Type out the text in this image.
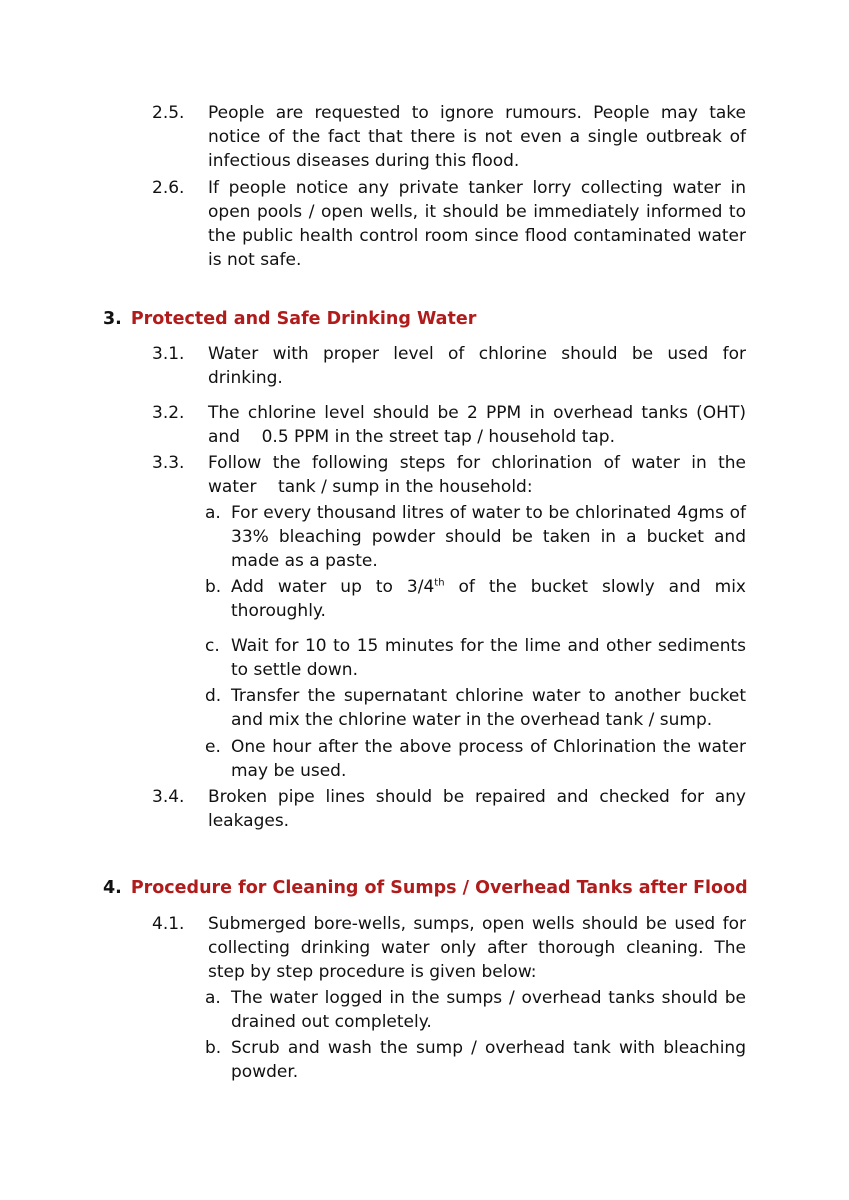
2.5.	People are requested to ignore rumours. People may take notice of the fact that there is not even a single outbreak of infectious diseases during this flood.
2.6.	If people notice any private tanker lorry collecting water in open pools / open wells, it should be immediately informed to the public health control room since flood contaminated water is not safe.
3. Protected and Safe Drinking Water
3.1.	Water with proper level of chlorine should be used for drinking.
3.2.	The chlorine level should be 2 PPM in overhead tanks (OHT) and    0.5 PPM in the street tap / household tap.
3.3.	Follow the following steps for chlorination of water in the water    tank / sump in the household:
a. For every thousand litres of water to be chlorinated 4gms of 33% bleaching powder should be taken in a bucket and made as a paste.
b. Add water up to 3/4th of the bucket slowly and mix thoroughly.
c. Wait for 10 to 15 minutes for the lime and other sediments to settle down.
d. Transfer the supernatant chlorine water to another bucket and mix the chlorine water in the overhead tank / sump.
e. One hour after the above process of Chlorination the water may be used.
3.4.	Broken pipe lines should be repaired and checked for any leakages.
4. Procedure for Cleaning of Sumps / Overhead Tanks after Flood
4.1.	Submerged bore-wells, sumps, open wells should be used for collecting drinking water only after thorough cleaning. The step by step procedure is given below:
a. The water logged in the sumps / overhead tanks should be drained out completely.
b. Scrub and wash the sump / overhead tank with bleaching powder.
